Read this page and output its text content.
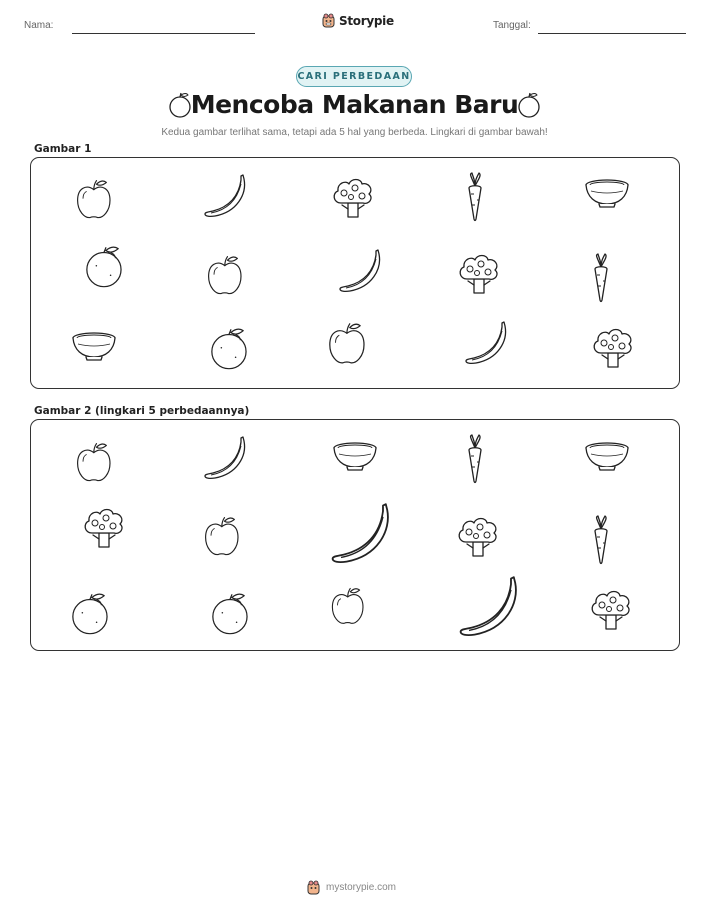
Nama:	Storypie	Tanggal:
CARI PERBEDAAN
Mencoba Makanan Baru
Kedua gambar terlihat sama, tetapi ada 5 hal yang berbeda. Lingkari di gambar bawah!
Gambar 1
Gambar 2 (lingkari 5 perbedaannya)
mystorypie.com
